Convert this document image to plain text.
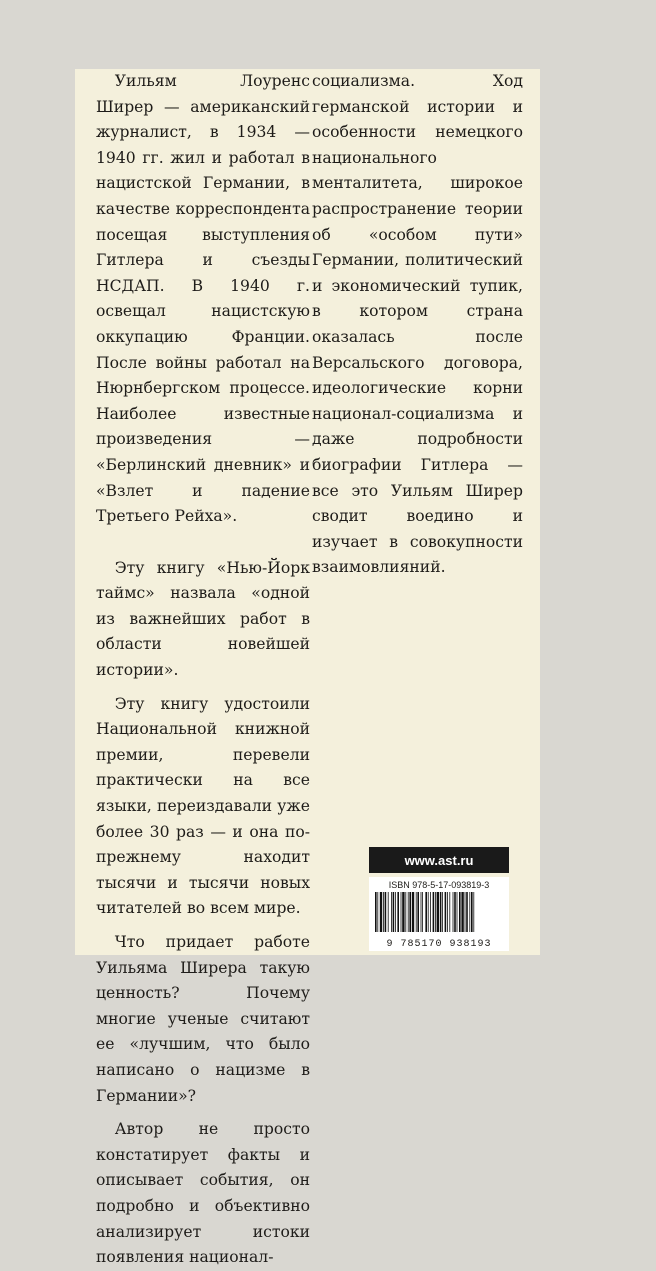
Уильям Лоуренс Ширер — американский журналист, в 1934 — 1940 гг. жил и работал в нацистской Германии, в качестве корреспондента посещая выступления Гитлера и съезды НСДАП. В 1940 г. освещал нацистскую оккупацию Франции. После войны работал на Нюрнбергском процессе. Наиболее известные произведения — «Берлинский дневник» и «Взлет и падение Третьего Рейха».

Эту книгу «Нью-Йорк таймс» назвала «одной из важнейших работ в области новейшей истории».

Эту книгу удостоили Национальной книжной премии, перевели практически на все языки, переиздавали уже более 30 раз — и она по-прежнему находит тысячи и тысячи новых читателей во всем мире.

Что придает работе Уильяма Ширера такую ценность? Почему многие ученые считают ее «лучшим, что было написано о нацизме в Германии»?

Автор не просто констатирует факты и описывает события, он подробно и объективно анализирует истоки появления национал-

социализма. Ход германской истории и особенности немецкого национального менталитета, широкое распространение теории об «особом пути» Германии, политический и экономический тупик, в котором страна оказалась после Версальского договора, идеологические корни национал-социализма и даже подробности биографии Гитлера — все это Уильям Ширер сводит воедино и изучает в совокупности взаимовлияний.

www.ast.ru
ISBN 978-5-17-093819-3
9 785170 938193
